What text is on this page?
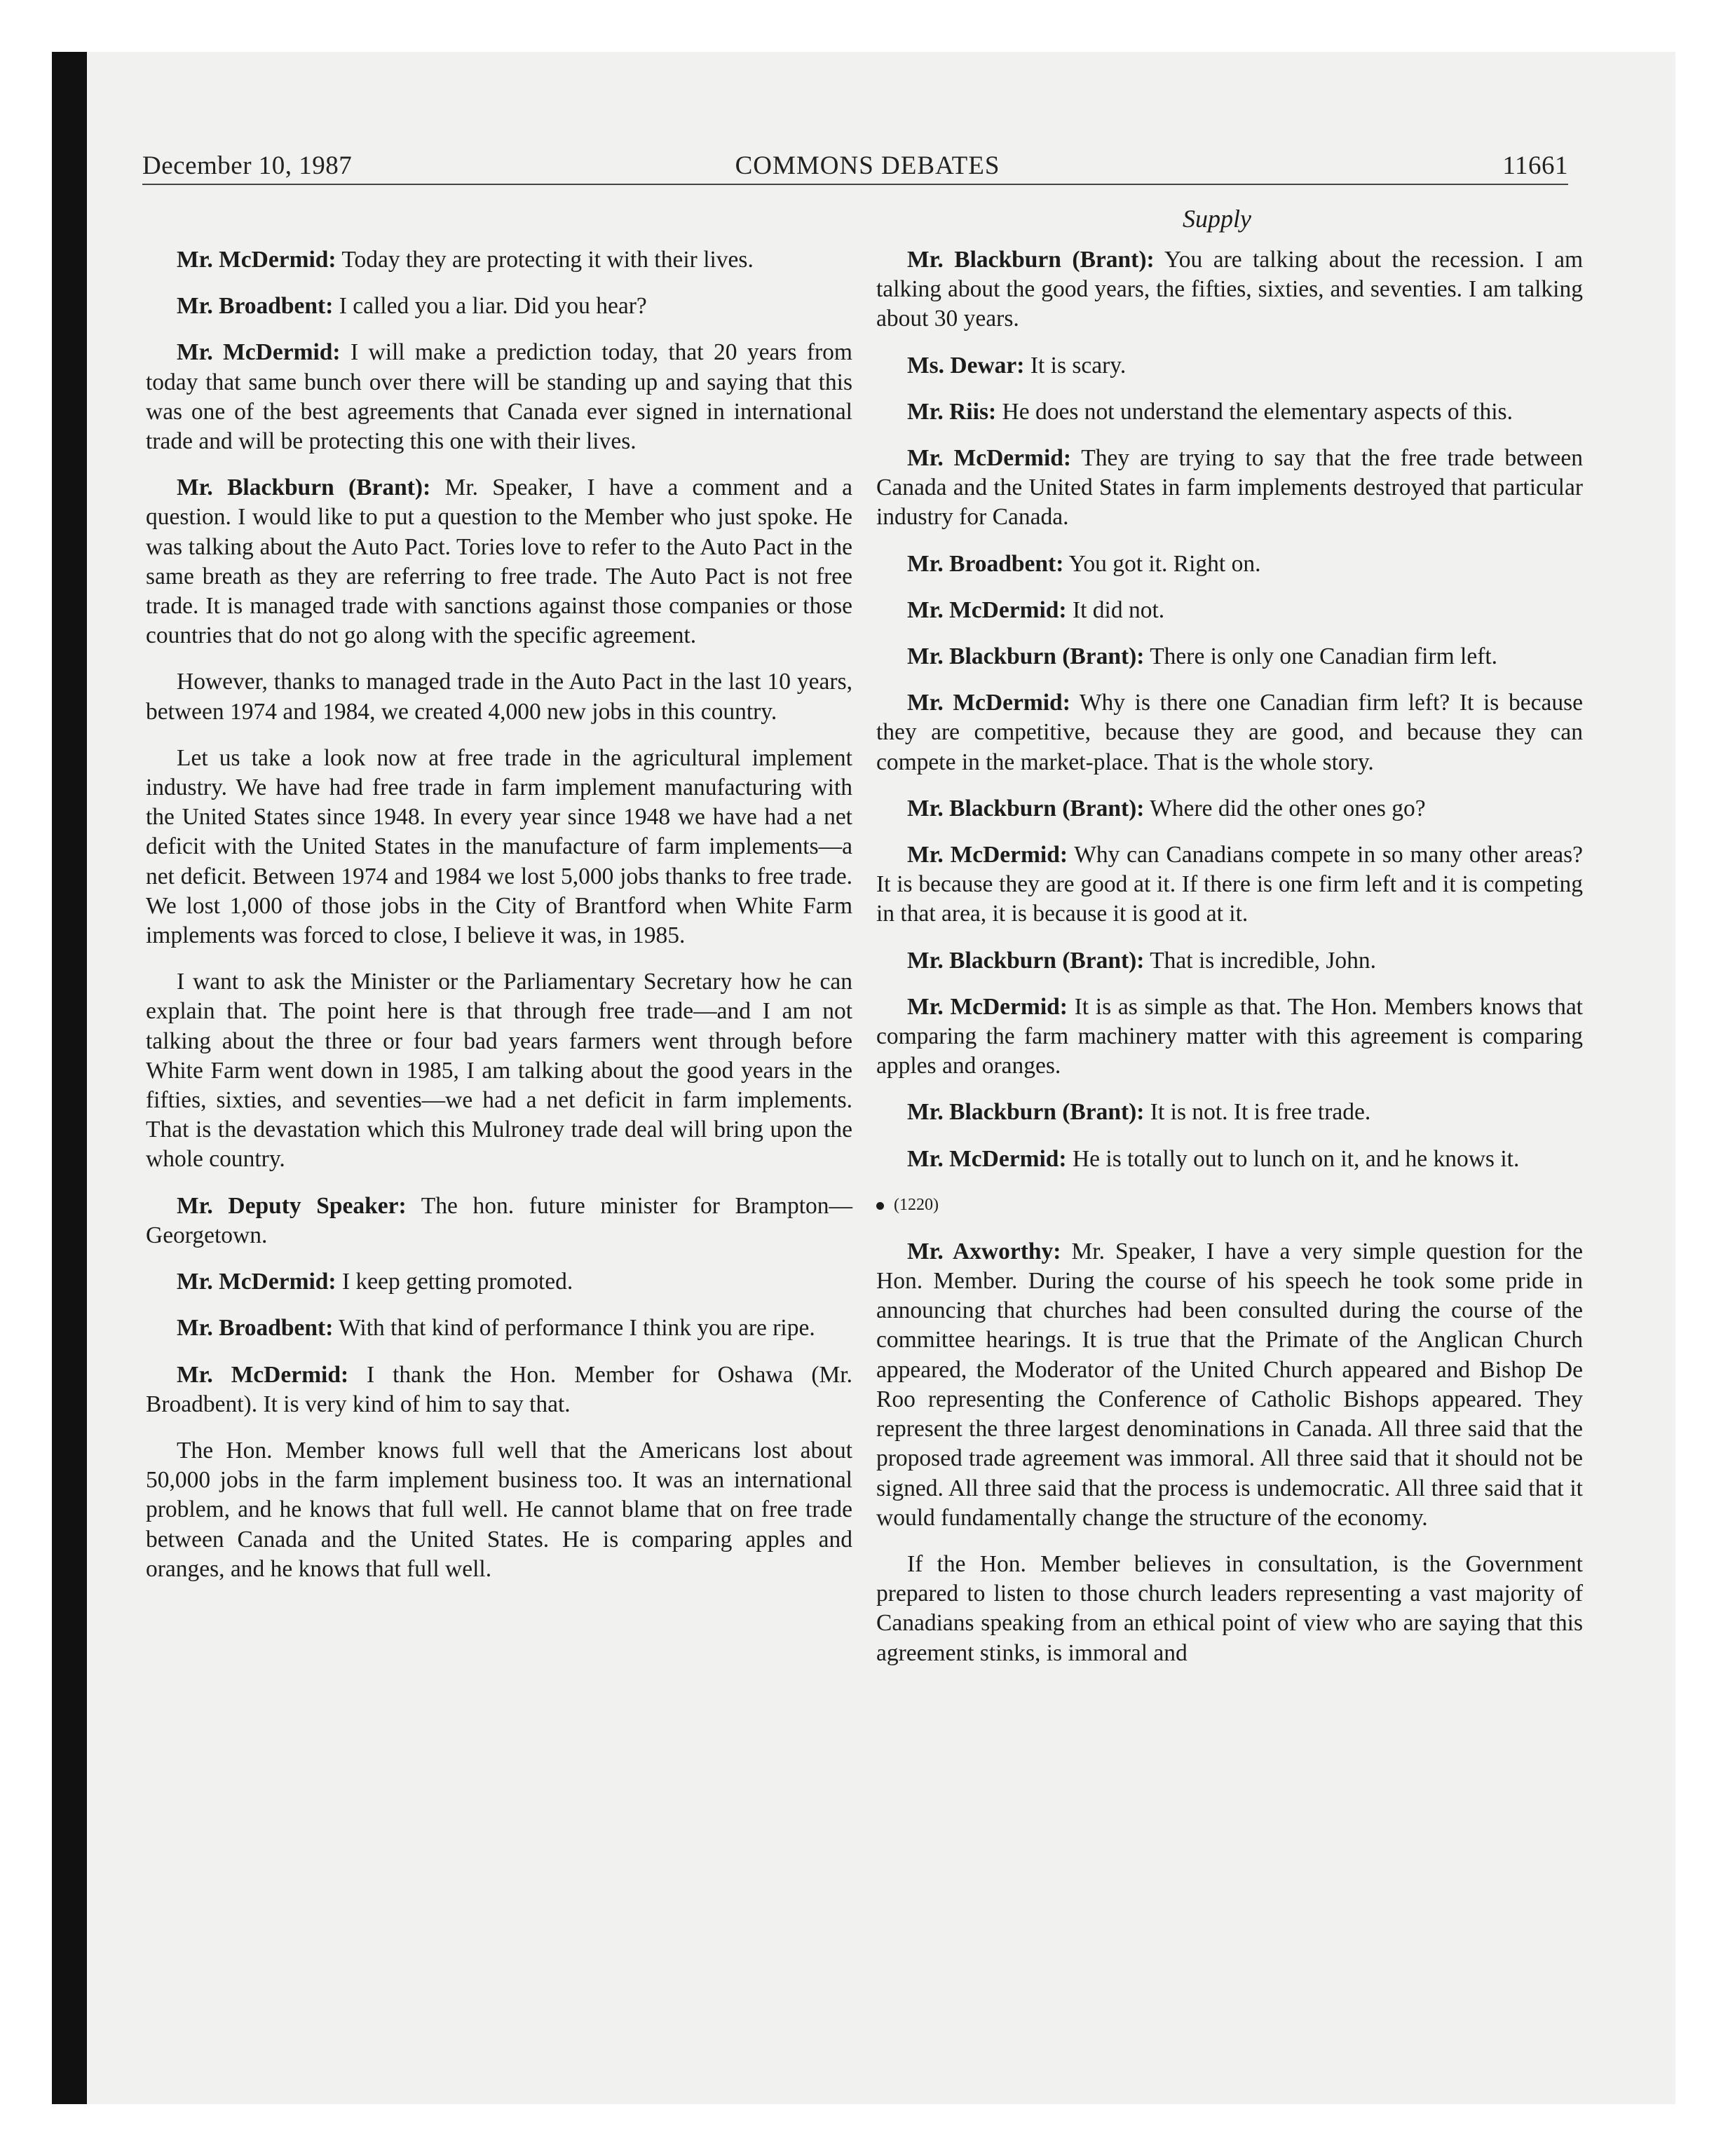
December 10, 1987	COMMONS DEBATES	11661
Supply

Mr. McDermid: Today they are protecting it with their lives.

Mr. Broadbent: I called you a liar. Did you hear?

Mr. McDermid: I will make a prediction today, that 20 years from today that same bunch over there will be standing up and saying that this was one of the best agreements that Canada ever signed in international trade and will be protecting this one with their lives.

Mr. Blackburn (Brant): Mr. Speaker, I have a comment and a question. I would like to put a question to the Member who just spoke. He was talking about the Auto Pact. Tories love to refer to the Auto Pact in the same breath as they are referring to free trade. The Auto Pact is not free trade. It is managed trade with sanctions against those companies or those countries that do not go along with the specific agreement.

However, thanks to managed trade in the Auto Pact in the last 10 years, between 1974 and 1984, we created 4,000 new jobs in this country.

Let us take a look now at free trade in the agricultural implement industry. We have had free trade in farm implement manufacturing with the United States since 1948. In every year since 1948 we have had a net deficit with the United States in the manufacture of farm implements—a net deficit. Between 1974 and 1984 we lost 5,000 jobs thanks to free trade. We lost 1,000 of those jobs in the City of Brantford when White Farm implements was forced to close, I believe it was, in 1985.

I want to ask the Minister or the Parliamentary Secretary how he can explain that. The point here is that through free trade—and I am not talking about the three or four bad years farmers went through before White Farm went down in 1985, I am talking about the good years in the fifties, sixties, and seventies—we had a net deficit in farm implements. That is the devastation which this Mulroney trade deal will bring upon the whole country.

Mr. Deputy Speaker: The hon. future minister for Brampton—Georgetown.

Mr. McDermid: I keep getting promoted.

Mr. Broadbent: With that kind of performance I think you are ripe.

Mr. McDermid: I thank the Hon. Member for Oshawa (Mr. Broadbent). It is very kind of him to say that.

The Hon. Member knows full well that the Americans lost about 50,000 jobs in the farm implement business too. It was an international problem, and he knows that full well. He cannot blame that on free trade between Canada and the United States. He is comparing apples and oranges, and he knows that full well.

Mr. Blackburn (Brant): You are talking about the recession. I am talking about the good years, the fifties, sixties, and seventies. I am talking about 30 years.

Ms. Dewar: It is scary.

Mr. Riis: He does not understand the elementary aspects of this.

Mr. McDermid: They are trying to say that the free trade between Canada and the United States in farm implements destroyed that particular industry for Canada.

Mr. Broadbent: You got it. Right on.

Mr. McDermid: It did not.

Mr. Blackburn (Brant): There is only one Canadian firm left.

Mr. McDermid: Why is there one Canadian firm left? It is because they are competitive, because they are good, and because they can compete in the market-place. That is the whole story.

Mr. Blackburn (Brant): Where did the other ones go?

Mr. McDermid: Why can Canadians compete in so many other areas? It is because they are good at it. If there is one firm left and it is competing in that area, it is because it is good at it.

Mr. Blackburn (Brant): That is incredible, John.

Mr. McDermid: It is as simple as that. The Hon. Members knows that comparing the farm machinery matter with this agreement is comparing apples and oranges.

Mr. Blackburn (Brant): It is not. It is free trade.

Mr. McDermid: He is totally out to lunch on it, and he knows it.

(1220)

Mr. Axworthy: Mr. Speaker, I have a very simple question for the Hon. Member. During the course of his speech he took some pride in announcing that churches had been consulted during the course of the committee hearings. It is true that the Primate of the Anglican Church appeared, the Moderator of the United Church appeared and Bishop De Roo representing the Conference of Catholic Bishops appeared. They represent the three largest denominations in Canada. All three said that the proposed trade agreement was immoral. All three said that it should not be signed. All three said that the process is undemocratic. All three said that it would fundamentally change the structure of the economy.

If the Hon. Member believes in consultation, is the Government prepared to listen to those church leaders representing a vast majority of Canadians speaking from an ethical point of view who are saying that this agreement stinks, is immoral and
